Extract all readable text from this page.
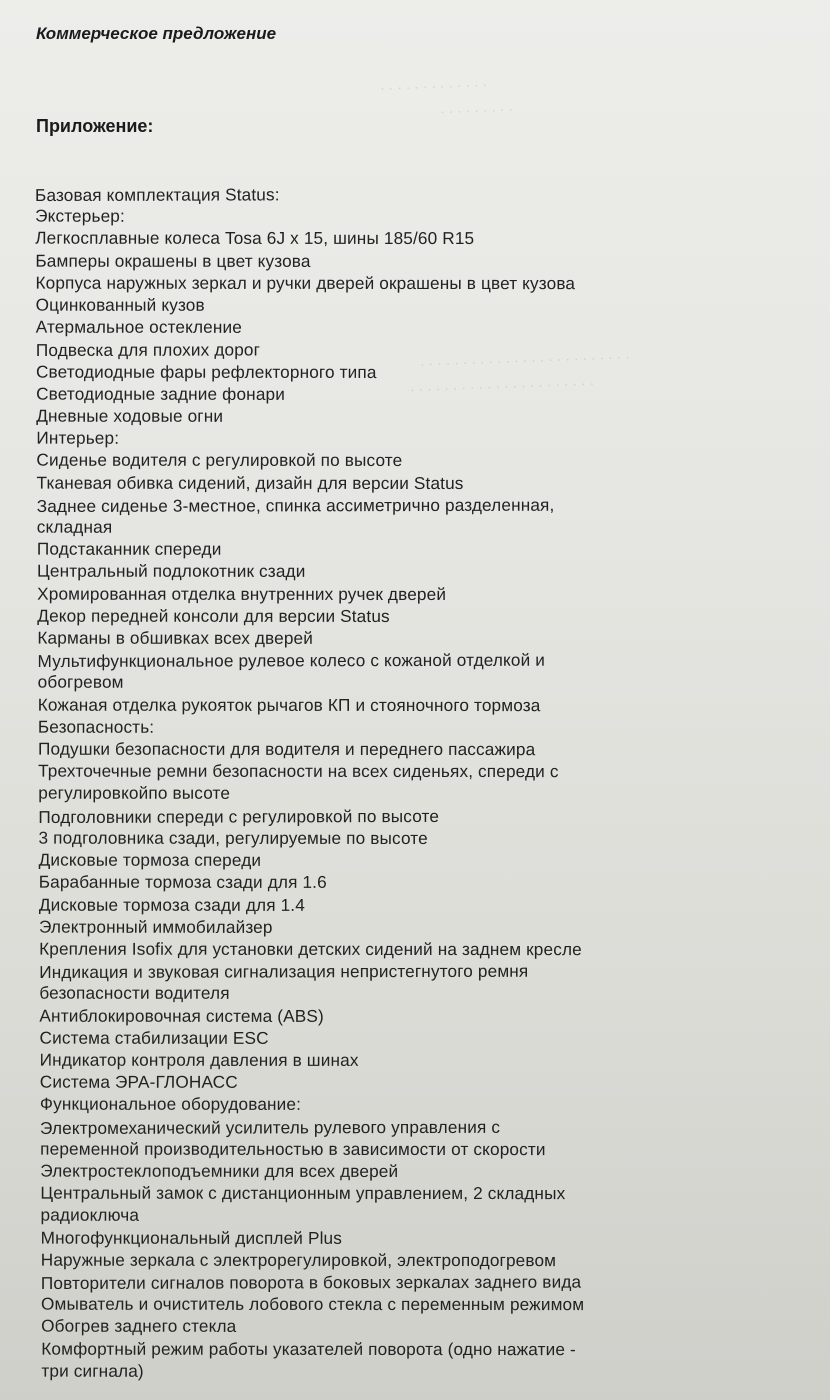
· · · · · · · · · · · · ·
· · · · · · · · ·
· · · · · · · · · · · · · · · · · · · · · · · · ·
· · · · · · · · · · · · · · · · · · · · · ·
Коммерческое предложение
Приложение:
Базовая комплектация Status:
Экстерьер:
Легкосплавные колеса Tosa 6J x 15, шины 185/60 R15
Бамперы окрашены в цвет кузова
Корпуса наружных зеркал и ручки дверей окрашены в цвет кузова
Оцинкованный кузов
Атермальное остекление
Подвеска для плохих дорог
Светодиодные фары рефлекторного типа
Светодиодные задние фонари
Дневные ходовые огни
Интерьер:
Сиденье водителя с регулировкой по высоте
Тканевая обивка сидений, дизайн для версии Status
Заднее сиденье 3-местное, спинка ассиметрично разделенная,
складная
Подстаканник спереди
Центральный подлокотник сзади
Хромированная отделка внутренних ручек дверей
Декор передней консоли для версии Status
Карманы в обшивках всех дверей
Мультифункциональное рулевое колесо с кожаной отделкой и
обогревом
Кожаная отделка рукояток рычагов КП и стояночного тормоза
Безопасность:
Подушки безопасности для водителя и переднего пассажира
Трехточечные ремни безопасности на всех сиденьях, спереди с
регулировкойпо высоте
Подголовники спереди с регулировкой по высоте
3 подголовника сзади, регулируемые по высоте
Дисковые тормоза спереди
Барабанные тормоза сзади для 1.6
Дисковые тормоза сзади для 1.4
Электронный иммобилайзер
Крепления Isofix для установки детских сидений на заднем кресле
Индикация и звуковая сигнализация непристегнутого ремня
безопасности водителя
Антиблокировочная система (ABS)
Система стабилизации ESC
Индикатор контроля давления в шинах
Система ЭРА-ГЛОНАСС
Функциональное оборудование:
Электромеханический усилитель рулевого управления с
переменной производительностью в зависимости от скорости
Электростеклоподъемники для всех дверей
Центральный замок с дистанционным управлением, 2 складных
радиоключа
Многофункциональный дисплей Plus
Наружные зеркала с электрорегулировкой, электроподогревом
Повторители сигналов поворота в боковых зеркалах заднего вида
Омыватель и очиститель лобового стекла с переменным режимом
Обогрев заднего стекла
Комфортный режим работы указателей поворота (одно нажатие -
три сигнала)
